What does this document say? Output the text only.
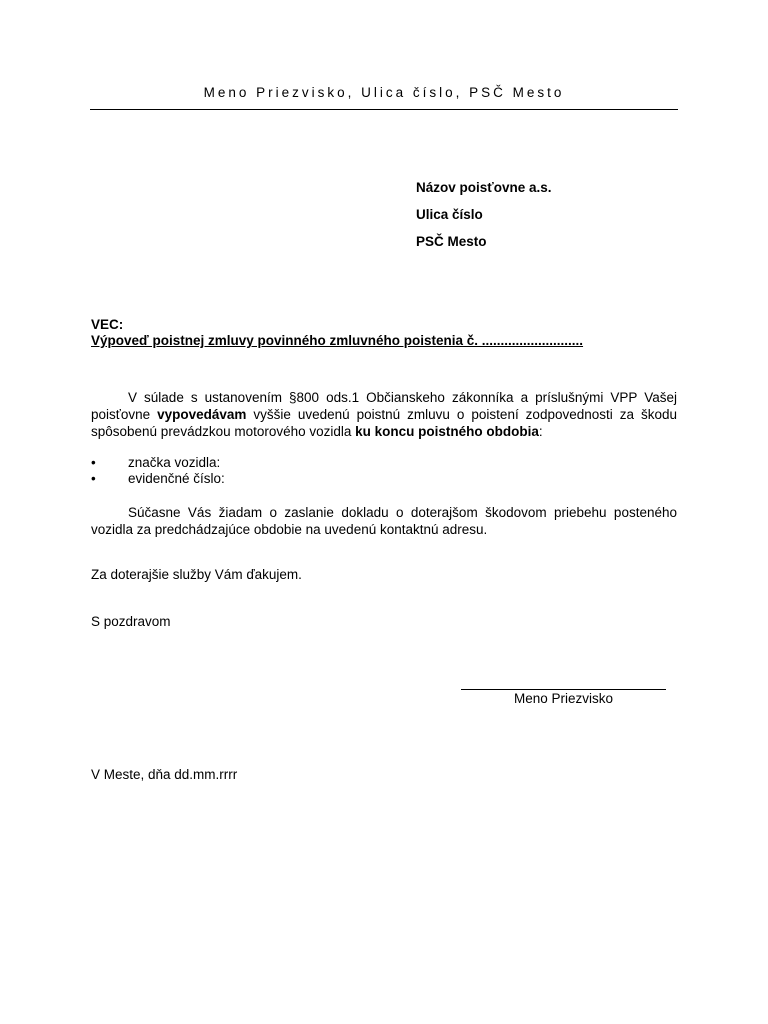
Meno Priezvisko, Ulica číslo, PSČ Mesto
Názov poisťovne a.s.
Ulica číslo
PSČ Mesto
VEC:
Výpoveď poistnej zmluvy povinného zmluvného poistenia č. ...........................
V súlade s ustanovením §800 ods.1 Občianskeho zákonníka a príslušnými VPP Vašej poisťovne vypovedávam vyššie uvedenú poistnú zmluvu o poistení zodpovednosti za škodu spôsobenú prevádzkou motorového vozidla ku koncu poistného obdobia:
•	značka vozidla:
•	evidenčné číslo:
Súčasne Vás žiadam o zaslanie dokladu o doterajšom škodovom priebehu posteného vozidla za predchádzajúce obdobie na uvedenú kontaktnú adresu.
Za doterajšie služby Vám ďakujem.
S pozdravom
Meno Priezvisko
V Meste, dňa dd.mm.rrrr
